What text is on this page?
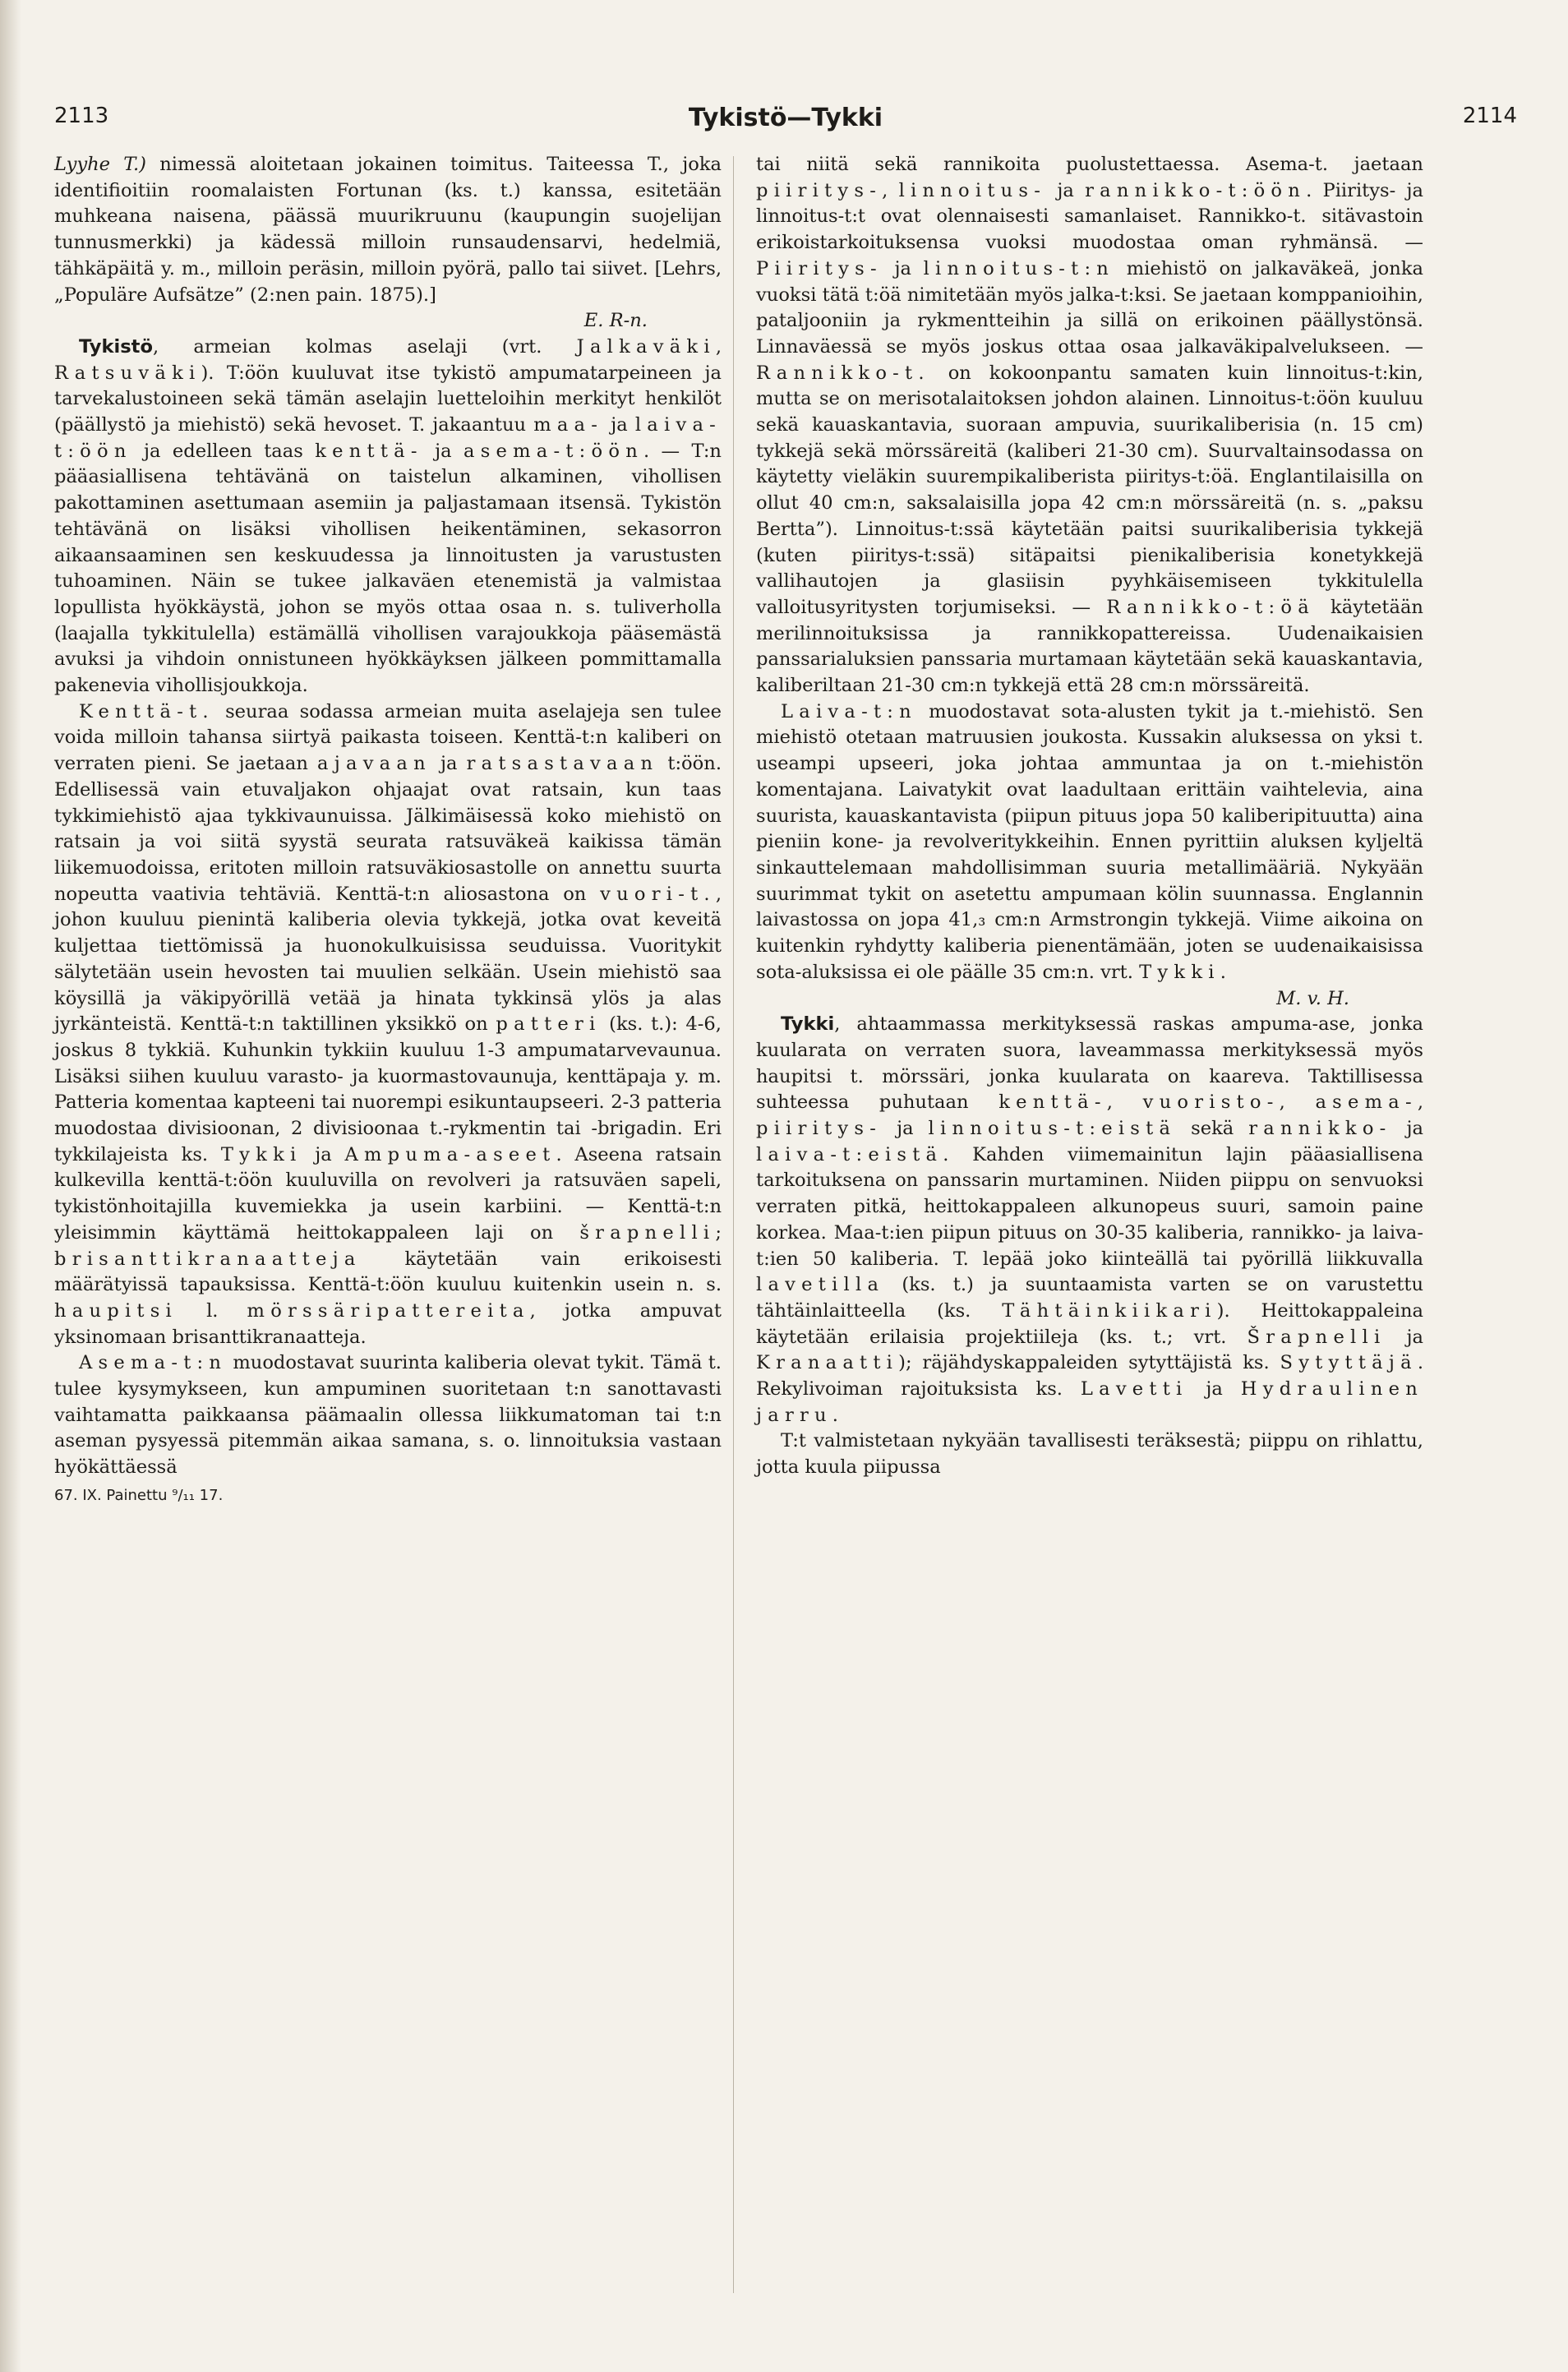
2113	Tykistö—Tykki	2114

Lyyhe T.) nimessä aloitetaan jokainen toimitus. Taiteessa T., joka identifioitiin roomalaisten Fortunan (ks. t.) kanssa, esitetään muhkeana naisena, päässä muurikruunu (kaupungin suojelijan tunnusmerkki) ja kädessä milloin runsaudensarvi, hedelmiä, tähkäpäitä y. m., milloin peräsin, milloin pyörä, pallo tai siivet. [Lehrs, „Populäre Aufsätze” (2:nen pain. 1875).]

E. R-n.

Tykistö, armeian kolmas aselaji (vrt. Jalkaväki, Ratsuväki). T:öön kuuluvat itse tykistö ampumatarpeineen ja tarvekalustoineen sekä tämän aselajin luetteloihin merkityt henkilöt (päällystö ja miehistö) sekä hevoset. T. jakaantuu maa- ja laiva-t:öön ja edelleen taas kenttä- ja asema-t:öön. — T:n pääasiallisena tehtävänä on taistelun alkaminen, vihollisen pakottaminen asettumaan asemiin ja paljastamaan itsensä. Tykistön tehtävänä on lisäksi vihollisen heikentäminen, sekasorron aikaansaaminen sen keskuudessa ja linnoitusten ja varustusten tuhoaminen. Näin se tukee jalkaväen etenemistä ja valmistaa lopullista hyökkäystä, johon se myös ottaa osaa n. s. tuliverholla (laajalla tykkitulella) estämällä vihollisen varajoukkoja pääsemästä avuksi ja vihdoin onnistuneen hyökkäyksen jälkeen pommittamalla pakenevia vihollisjoukkoja.

Kenttä-t. seuraa sodassa armeian muita aselajeja sen tulee voida milloin tahansa siirtyä paikasta toiseen. Kenttä-t:n kaliberi on verraten pieni. Se jaetaan ajavaan ja ratsastavaan t:öön. Edellisessä vain etuvaljakon ohjaajat ovat ratsain, kun taas tykkimiehistö ajaa tykkivaunuissa. Jälkimäisessä koko miehistö on ratsain ja voi siitä syystä seurata ratsuväkeä kaikissa tämän liikemuodoissa, eritoten milloin ratsuväkiosastolle on annettu suurta nopeutta vaativia tehtäviä. Kenttä-t:n aliosastona on vuori-t., johon kuuluu pienintä kaliberia olevia tykkejä, jotka ovat keveitä kuljettaa tiettömissä ja huonokulkuisissa seuduissa. Vuoritykit sälytetään usein hevosten tai muulien selkään. Usein miehistö saa köysillä ja väkipyörillä vetää ja hinata tykkinsä ylös ja alas jyrkänteistä. Kenttä-t:n taktillinen yksikkö on patteri (ks. t.): 4-6, joskus 8 tykkiä. Kuhunkin tykkiin kuuluu 1-3 ampumatarvevaunua. Lisäksi siihen kuuluu varasto- ja kuormastovaunuja, kenttäpaja y. m. Patteria komentaa kapteeni tai nuorempi esikuntaupseeri. 2-3 patteria muodostaa divisioonan, 2 divisioonaa t.-rykmentin tai -brigadin. Eri tykkilajeista ks. Tykki ja Ampuma-aseet. Aseena ratsain kulkevilla kenttä-t:öön kuuluvilla on revolveri ja ratsuväen sapeli, tykistönhoitajilla kuvemiekka ja usein karbiini. — Kenttä-t:n yleisimmin käyttämä heittokappaleen laji on šrapnelli; brisanttikranaatteja käytetään vain erikoisesti määrätyissä tapauksissa. Kenttä-t:öön kuuluu kuitenkin usein n. s. haupitsi l. mörssäripattereita, jotka ampuvat yksinomaan brisanttikranaatteja.

Asema-t:n muodostavat suurinta kaliberia olevat tykit. Tämä t. tulee kysymykseen, kun ampuminen suoritetaan t:n sanottavasti vaihtamatta paikkaansa päämaalin ollessa liikkumatoman tai t:n aseman pysyessä pitemmän aikaa samana, s. o. linnoituksia vastaan hyökättäessä

67. IX. Painettu ⁹/₁₁ 17.

tai niitä sekä rannikoita puolustettaessa. Asema-t. jaetaan piiritys-, linnoitus- ja rannikko-t:öön. Piiritys- ja linnoitus-t:t ovat olennaisesti samanlaiset. Rannikko-t. sitävastoin erikoistarkoituksensa vuoksi muodostaa oman ryhmänsä. — Piiritys- ja linnoitus-t:n miehistö on jalkaväkeä, jonka vuoksi tätä t:öä nimitetään myös jalka-t:ksi. Se jaetaan komppanioihin, pataljooniin ja rykmentteihin ja sillä on erikoinen päällystönsä. Linnaväessä se myös joskus ottaa osaa jalkaväkipalvelukseen. — Rannikko-t. on kokoonpantu samaten kuin linnoitus-t:kin, mutta se on merisotalaitoksen johdon alainen. Linnoitus-t:öön kuuluu sekä kauaskantavia, suoraan ampuvia, suurikaliberisia (n. 15 cm) tykkejä sekä mörssäreitä (kaliberi 21-30 cm). Suurvaltainsodassa on käytetty vieläkin suurempikaliberista piiritys-t:öä. Englantilaisilla on ollut 40 cm:n, saksalaisilla jopa 42 cm:n mörssäreitä (n. s. „paksu Bertta”). Linnoitus-t:ssä käytetään paitsi suurikaliberisia tykkejä (kuten piiritys-t:ssä) sitäpaitsi pienikaliberisia konetykkejä vallihautojen ja glasiisin pyyhkäisemiseen tykkitulella valloitusyritysten torjumiseksi. — Rannikko-t:öä käytetään merilinnoituksissa ja rannikkopattereissa. Uudenaikaisien panssarialuksien panssaria murtamaan käytetään sekä kauaskantavia, kaliberiltaan 21-30 cm:n tykkejä että 28 cm:n mörssäreitä.

Laiva-t:n muodostavat sota-alusten tykit ja t.-miehistö. Sen miehistö otetaan matruusien joukosta. Kussakin aluksessa on yksi t. useampi upseeri, joka johtaa ammuntaa ja on t.-miehistön komentajana. Laivatykit ovat laadultaan erittäin vaihtelevia, aina suurista, kauaskantavista (piipun pituus jopa 50 kaliberipituutta) aina pieniin kone- ja revolveritykkeihin. Ennen pyrittiin aluksen kyljeltä sinkauttelemaan mahdollisimman suuria metallimääriä. Nykyään suurimmat tykit on asetettu ampumaan kölin suunnassa. Englannin laivastossa on jopa 41,₃ cm:n Armstrongin tykkejä. Viime aikoina on kuitenkin ryhdytty kaliberia pienentämään, joten se uudenaikaisissa sota-aluksissa ei ole päälle 35 cm:n. vrt. Tykki.

M. v. H.

Tykki, ahtaammassa merkityksessä raskas ampuma-ase, jonka kuularata on verraten suora, laveammassa merkityksessä myös haupitsi t. mörssäri, jonka kuularata on kaareva. Taktillisessa suhteessa puhutaan kenttä-, vuoristo-, asema-, piiritys- ja linnoitus-t:eistä sekä rannikko- ja laiva-t:eistä. Kahden viimemainitun lajin pääasiallisena tarkoituksena on panssarin murtaminen. Niiden piippu on senvuoksi verraten pitkä, heittokappaleen alkunopeus suuri, samoin paine korkea. Maa-t:ien piipun pituus on 30-35 kaliberia, rannikko- ja laiva-t:ien 50 kaliberia. T. lepää joko kiinteällä tai pyörillä liikkuvalla lavetilla (ks. t.) ja suuntaamista varten se on varustettu tähtäinlaitteella (ks. Tähtäinkiikari). Heittokappaleina käytetään erilaisia projektiileja (ks. t.; vrt. Šrapnelli ja Kranaatti); räjähdyskappaleiden sytyttäjistä ks. Sytyttäjä. Rekylivoiman rajoituksista ks. Lavetti ja Hydraulinen jarru.

T:t valmistetaan nykyään tavallisesti teräksestä; piippu on rihlattu, jotta kuula piipussa
